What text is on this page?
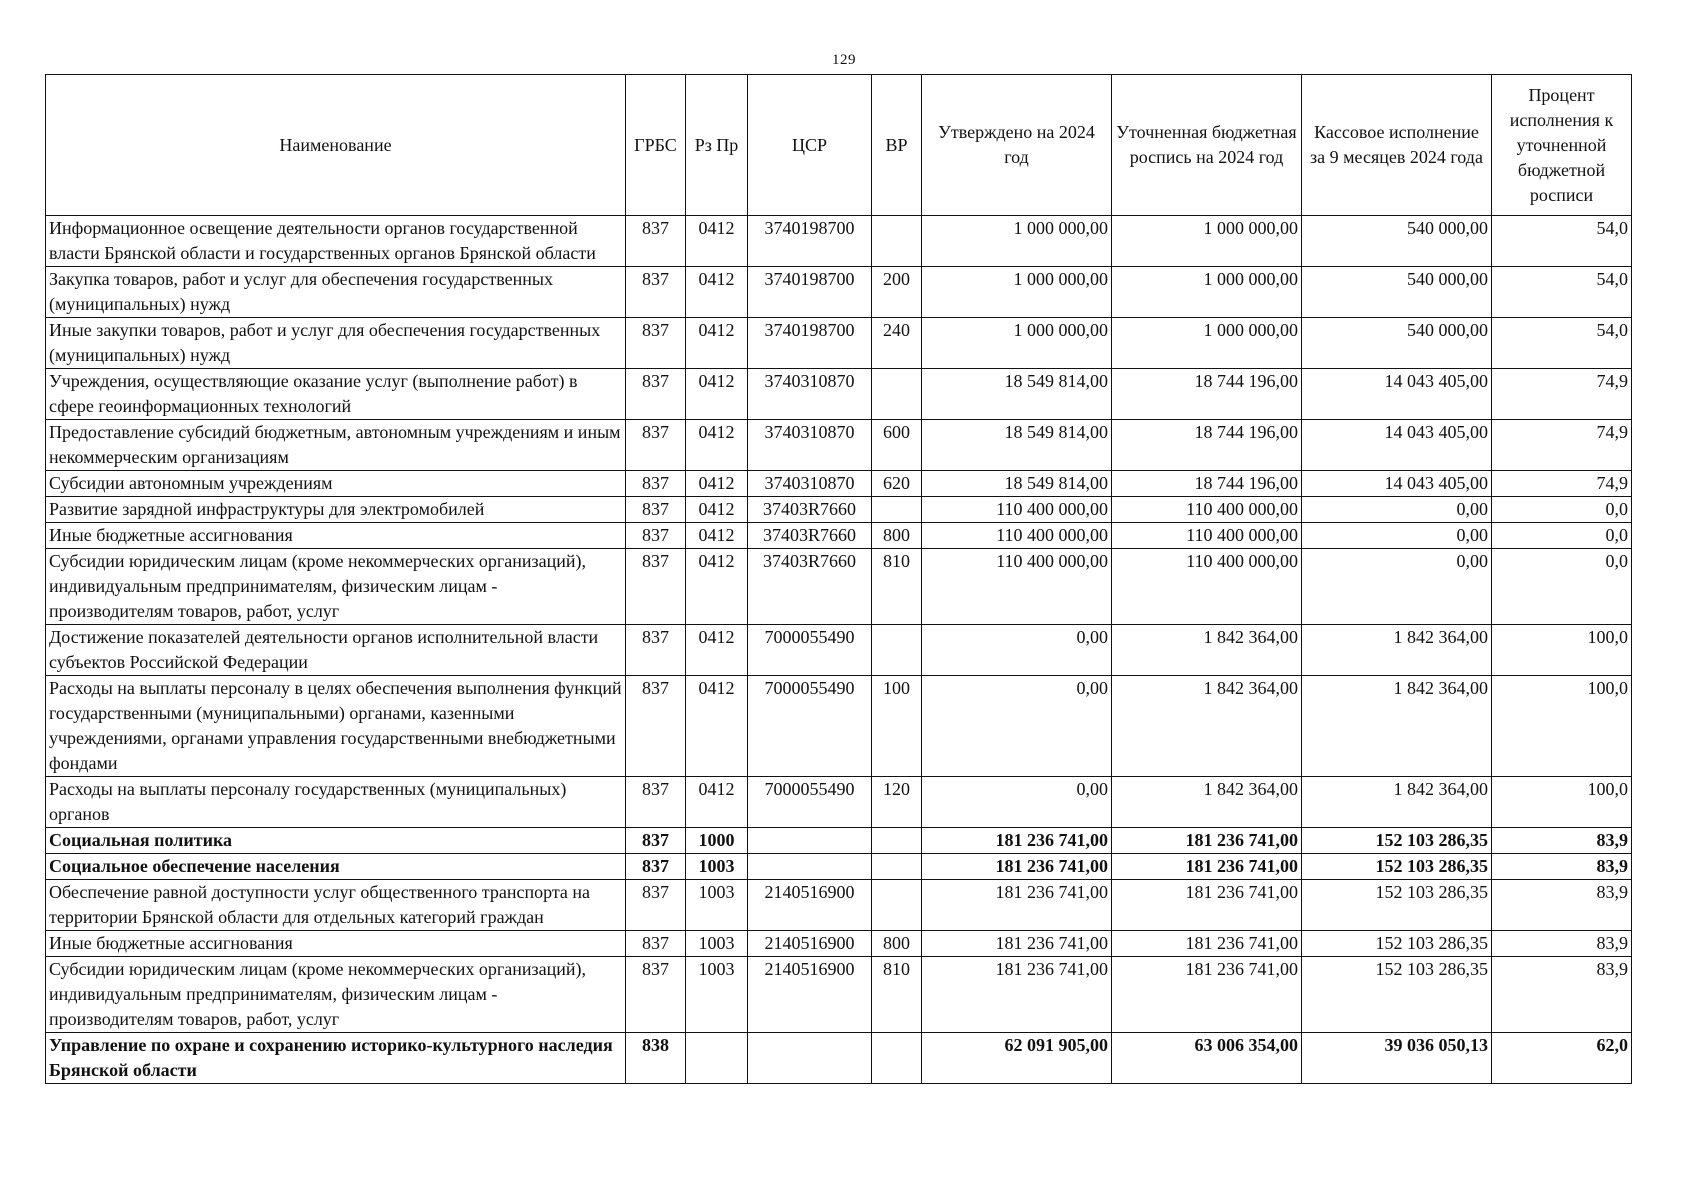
129
Наименование	ГРБС	Рз Пр	ЦСР	ВР	Утверждено на 2024 год	Уточненная бюджетная роспись на 2024 год	Кассовое исполнение за 9 месяцев 2024 года	Процент исполнения к уточненной бюджетной росписи
Информационное освещение деятельности органов государственной власти Брянской области и государственных органов Брянской области	837	0412	3740198700		1 000 000,00	1 000 000,00	540 000,00	54,0
Закупка товаров, работ и услуг для обеспечения государственных (муниципальных) нужд	837	0412	3740198700	200	1 000 000,00	1 000 000,00	540 000,00	54,0
Иные закупки товаров, работ и услуг для обеспечения государственных (муниципальных) нужд	837	0412	3740198700	240	1 000 000,00	1 000 000,00	540 000,00	54,0
Учреждения, осуществляющие оказание услуг (выполнение работ) в сфере геоинформационных технологий	837	0412	3740310870		18 549 814,00	18 744 196,00	14 043 405,00	74,9
Предоставление субсидий бюджетным, автономным учреждениям и иным некоммерческим организациям	837	0412	3740310870	600	18 549 814,00	18 744 196,00	14 043 405,00	74,9
Субсидии автономным учреждениям	837	0412	3740310870	620	18 549 814,00	18 744 196,00	14 043 405,00	74,9
Развитие зарядной инфраструктуры для электромобилей	837	0412	37403R7660		110 400 000,00	110 400 000,00	0,00	0,0
Иные бюджетные ассигнования	837	0412	37403R7660	800	110 400 000,00	110 400 000,00	0,00	0,0
Субсидии юридическим лицам (кроме некоммерческих организаций), индивидуальным предпринимателям, физическим лицам - производителям товаров, работ, услуг	837	0412	37403R7660	810	110 400 000,00	110 400 000,00	0,00	0,0
Достижение показателей деятельности органов исполнительной власти субъектов Российской Федерации	837	0412	7000055490		0,00	1 842 364,00	1 842 364,00	100,0
Расходы на выплаты персоналу в целях обеспечения выполнения функций государственными (муниципальными) органами, казенными учреждениями, органами управления государственными внебюджетными фондами	837	0412	7000055490	100	0,00	1 842 364,00	1 842 364,00	100,0
Расходы на выплаты персоналу государственных (муниципальных) органов	837	0412	7000055490	120	0,00	1 842 364,00	1 842 364,00	100,0
Социальная политика	837	1000			181 236 741,00	181 236 741,00	152 103 286,35	83,9
Социальное обеспечение населения	837	1003			181 236 741,00	181 236 741,00	152 103 286,35	83,9
Обеспечение равной доступности услуг общественного транспорта на территории Брянской области для отдельных категорий граждан	837	1003	2140516900		181 236 741,00	181 236 741,00	152 103 286,35	83,9
Иные бюджетные ассигнования	837	1003	2140516900	800	181 236 741,00	181 236 741,00	152 103 286,35	83,9
Субсидии юридическим лицам (кроме некоммерческих организаций), индивидуальным предпринимателям, физическим лицам - производителям товаров, работ, услуг	837	1003	2140516900	810	181 236 741,00	181 236 741,00	152 103 286,35	83,9
Управление по охране и сохранению историко-культурного наследия Брянской области	838				62 091 905,00	63 006 354,00	39 036 050,13	62,0
